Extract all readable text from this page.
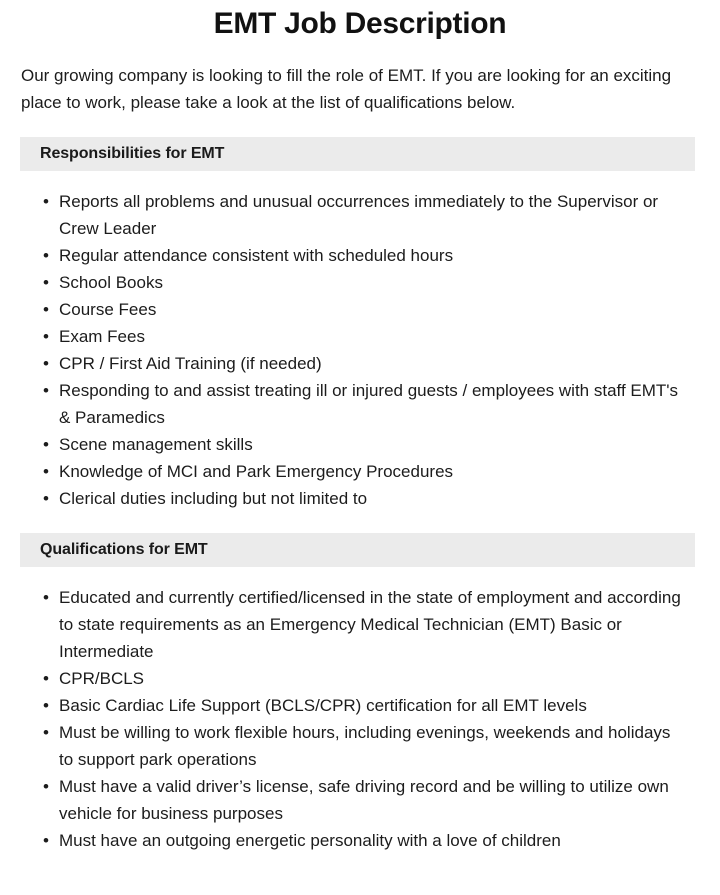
EMT Job Description

Our growing company is looking to fill the role of EMT. If you are looking for an exciting place to work, please take a look at the list of qualifications below.

Responsibilities for EMT
• Reports all problems and unusual occurrences immediately to the Supervisor or Crew Leader
• Regular attendance consistent with scheduled hours
• School Books
• Course Fees
• Exam Fees
• CPR / First Aid Training (if needed)
• Responding to and assist treating ill or injured guests / employees with staff EMT's & Paramedics
• Scene management skills
• Knowledge of MCI and Park Emergency Procedures
• Clerical duties including but not limited to
Qualifications for EMT
• Educated and currently certified/licensed in the state of employment and according to state requirements as an Emergency Medical Technician (EMT) Basic or Intermediate
• CPR/BCLS
• Basic Cardiac Life Support (BCLS/CPR) certification for all EMT levels
• Must be willing to work flexible hours, including evenings, weekends and holidays to support park operations
• Must have a valid driver’s license, safe driving record and be willing to utilize own vehicle for business purposes
• Must have an outgoing energetic personality with a love of children
